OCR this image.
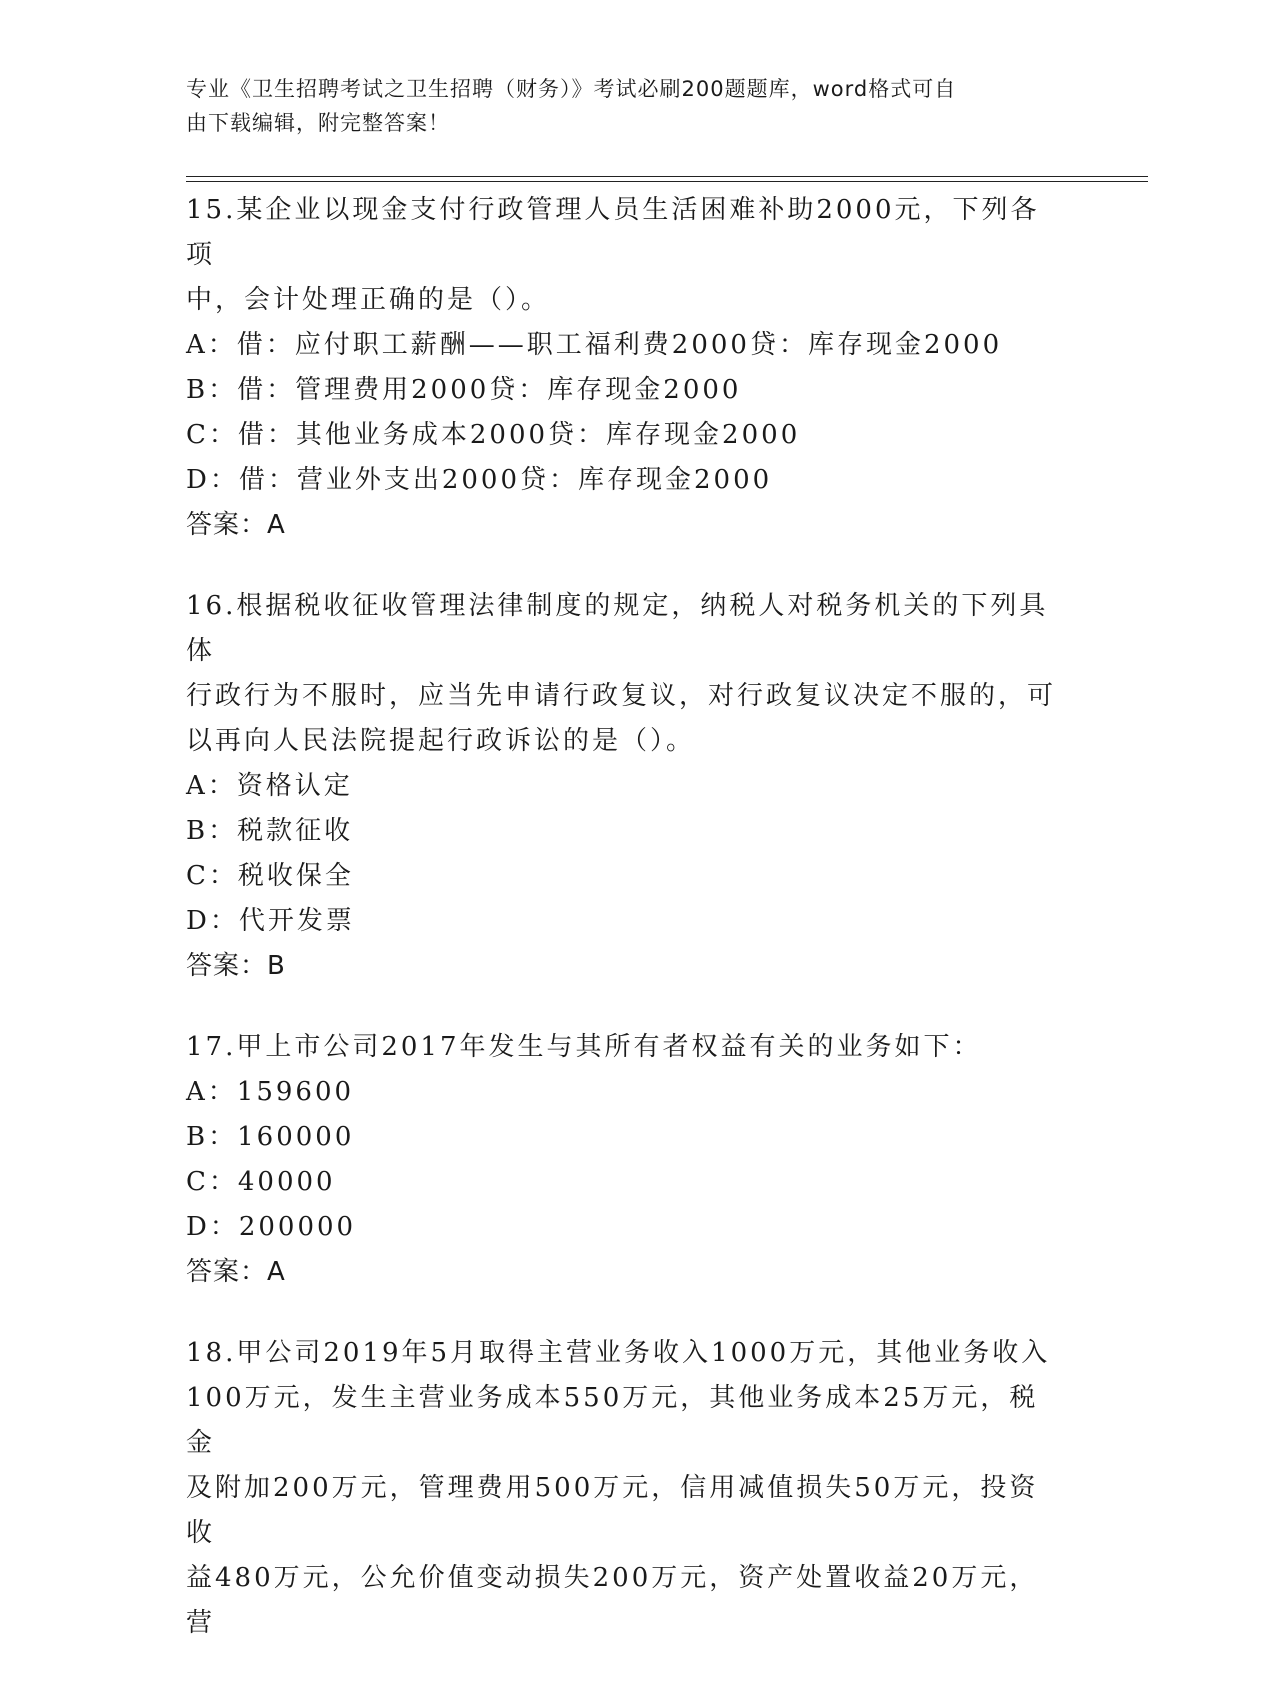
专业《卫生招聘考试之卫生招聘（财务）》考试必刷200题题库，word格式可自
由下载编辑，附完整答案！

15.某企业以现金支付行政管理人员生活困难补助2000元，下列各项

中，会计处理正确的是（）。

A：借：应付职工薪酬——职工福利费2000贷：库存现金2000

B：借：管理费用2000贷：库存现金2000

C：借：其他业务成本2000贷：库存现金2000

D：借：营业外支出2000贷：库存现金2000

答案：A

16.根据税收征收管理法律制度的规定，纳税人对税务机关的下列具体

行政行为不服时，应当先申请行政复议，对行政复议决定不服的，可

以再向人民法院提起行政诉讼的是（）。

A：资格认定

B：税款征收

C：税收保全

D：代开发票

答案：B

17.甲上市公司2017年发生与其所有者权益有关的业务如下：

A：159600

B：160000

C：40000

D：200000

答案：A

18.甲公司2019年5月取得主营业务收入1000万元，其他业务收入

100万元，发生主营业务成本550万元，其他业务成本25万元，税金

及附加200万元，管理费用500万元，信用减值损失50万元，投资收

益480万元，公允价值变动损失200万元，资产处置收益20万元，营
